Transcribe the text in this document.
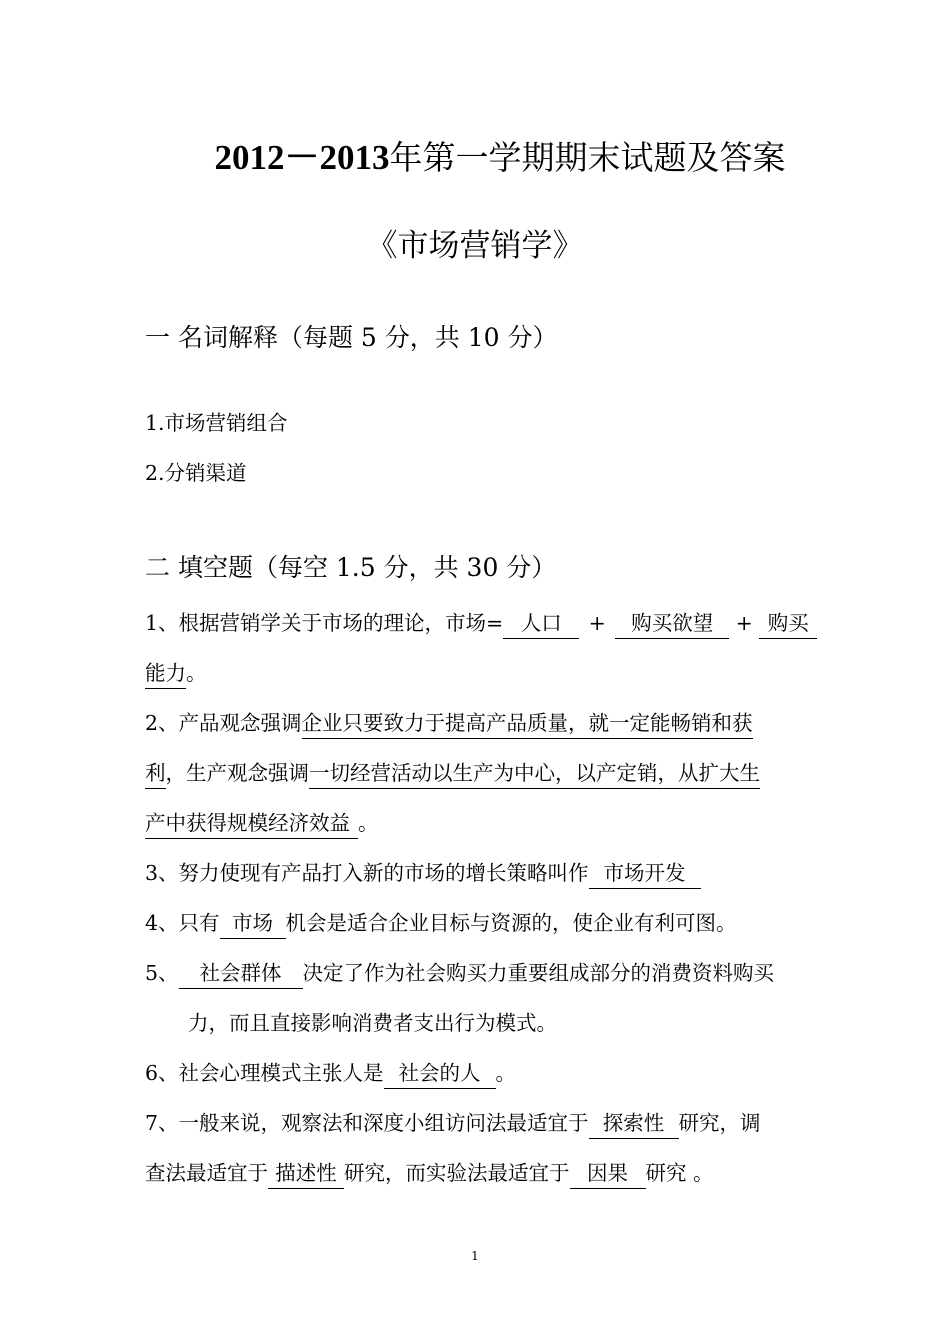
2012－2013年第一学期期末试题及答案
《市场营销学》
一 名词解释（每题 5 分，共 10 分）
1.市场营销组合
2.分销渠道
二 填空题（每空 1.5 分，共 30 分）
1、根据营销学关于市场的理论，市场= 人口 + 购买欲望 + 购买
能力。
2、产品观念强调企业只要致力于提高产品质量，就一定能畅销和获
利，生产观念强调一切经营活动以生产为中心，以产定销，从扩大生
产中获得规模经济效益 。
3、努力使现有产品打入新的市场的增长策略叫作 市场开发
4、只有 市场 机会是适合企业目标与资源的，使企业有利可图。
5、 社会群体 决定了作为社会购买力重要组成部分的消费资料购买
力，而且直接影响消费者支出行为模式。
6、社会心理模式主张人是 社会的人 。
7、一般来说，观察法和深度小组访问法最适宜于 探索性 研究，调
查法最适宜于 描述性 研究，而实验法最适宜于 因果 研究 。
1
